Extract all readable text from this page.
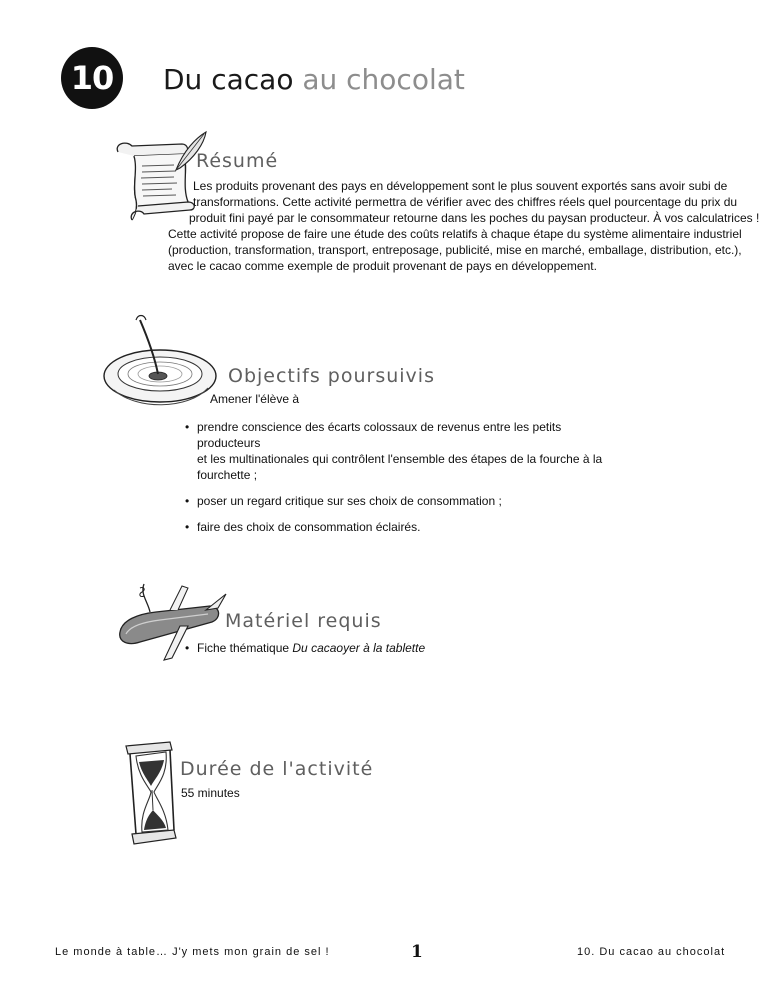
10	Du cacao au chocolat
Résumé

Les produits provenant des pays en développement sont le plus souvent exportés sans avoir subi de
transformations. Cette activité permettra de vérifier avec des chiffres réels quel pourcentage du prix du
produit fini payé par le consommateur retourne dans les poches du paysan producteur. À vos calculatrices !
Cette activité propose de faire une étude des coûts relatifs à chaque étape du système alimentaire industriel
(production, transformation, transport, entreposage, publicité, mise en marché, emballage, distribution, etc.),
avec le cacao comme exemple de produit provenant de pays en développement.

Objectifs poursuivis

Amener l'élève à

• prendre conscience des écarts colossaux de revenus entre les petits producteurs
et les multinationales qui contrôlent l'ensemble des étapes de la fourche à la
fourchette ;
• poser un regard critique sur ses choix de consommation ;
• faire des choix de consommation éclairés.
Matériel requis
• Fiche thématique Du cacaoyer à la tablette
Durée de l'activité

55 minutes

Le monde à table… J'y mets mon grain de sel !	1	10. Du cacao au chocolat
